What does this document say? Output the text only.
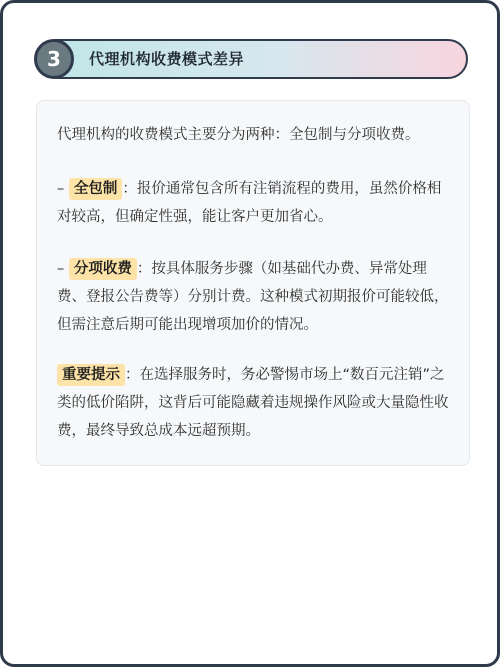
代理机构收费模式差异
3
代理机构的收费模式主要分为两种：全包制与分项收费。
– 全包制 ：报价通常包含所有注销流程的费用，虽然价格相对较高，但确定性强，能让客户更加省心。
– 分项收费 ：按具体服务步骤（如基础代办费、异常处理费、登报公告费等）分别计费。这种模式初期报价可能较低，但需注意后期可能出现增项加价的情况。
重要提示 ：在选择服务时，务必警惕市场上“数百元注销”之类的低价陷阱，这背后可能隐藏着违规操作风险或大量隐性收费，最终导致总成本远超预期。
